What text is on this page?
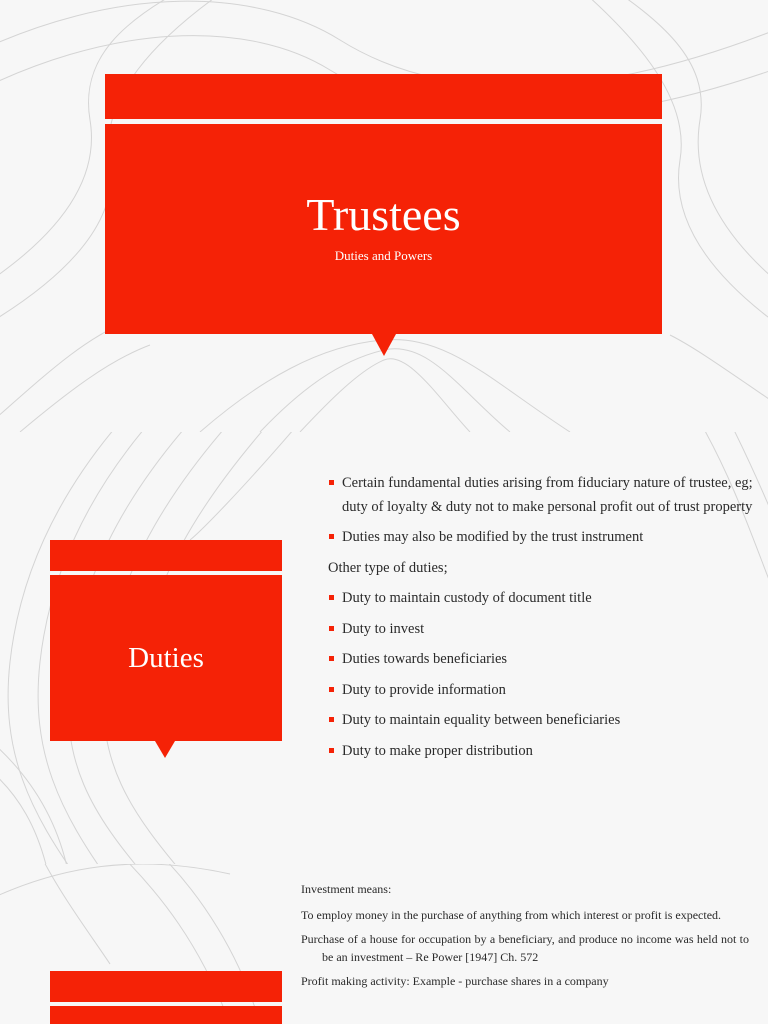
Trustees
Duties and Powers
Duties
Certain fundamental duties arising from fiduciary nature of trustee, eg; duty of loyalty & duty not to make personal profit out of trust property
Duties may also be modified by the trust instrument
Other type of duties;
Duty to maintain custody of document title
Duty to invest
Duties towards beneficiaries
Duty to provide information
Duty to maintain equality between beneficiaries
Duty to make proper distribution

Investment means:

To employ money in the purchase of anything from which interest or profit is expected.

Purchase of a house for occupation by a beneficiary, and produce no income was held not to be an investment – Re Power [1947] Ch. 572

Profit making activity: Example - purchase shares in a company
